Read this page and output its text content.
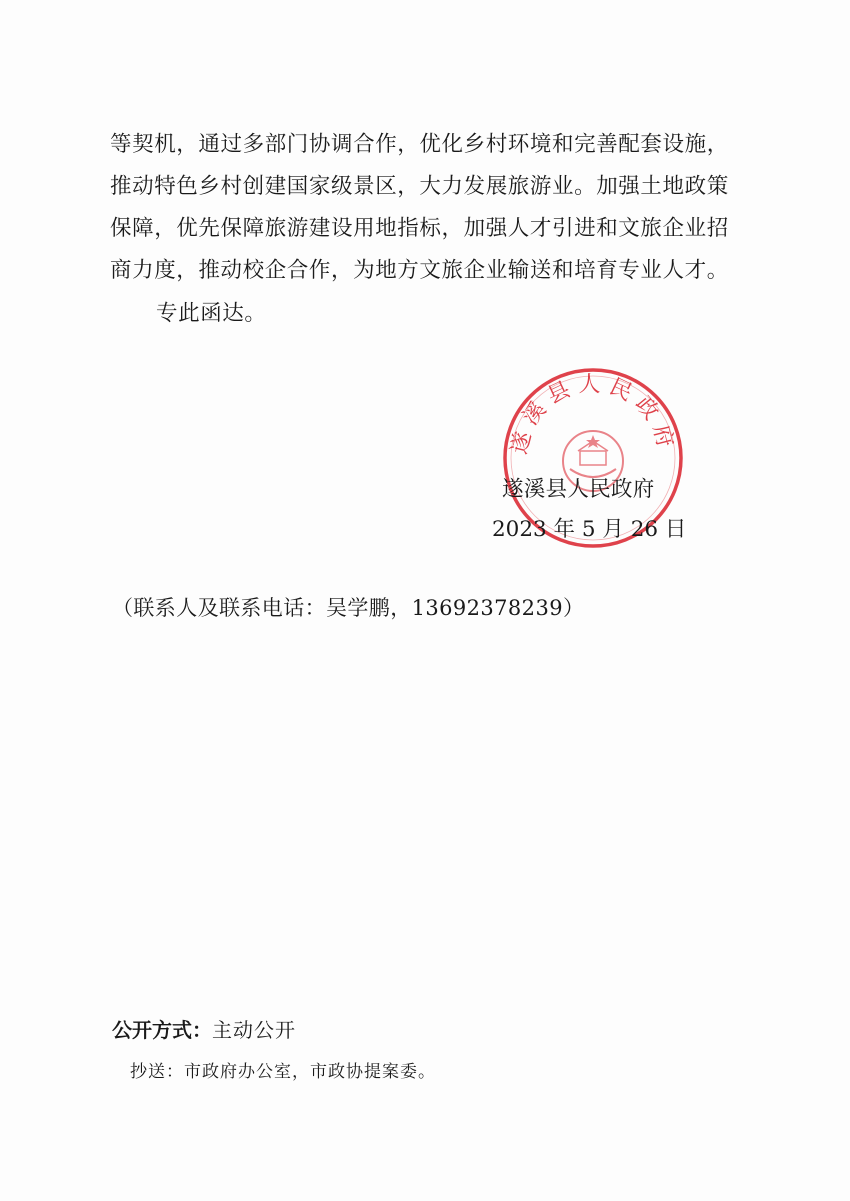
等契机，通过多部门协调合作，优化乡村环境和完善配套设施，
推动特色乡村创建国家级景区，大力发展旅游业。加强土地政策
保障，优先保障旅游建设用地指标，加强人才引进和文旅企业招
商力度，推动校企合作，为地方文旅企业输送和培育专业人才。
专此函达。
遂溪县人民政府
遂溪县人民政府
2023 年 5 月 26 日
（联系人及联系电话：吴学鹏，13692378239）
公开方式：主动公开
抄送：市政府办公室，市政协提案委。
